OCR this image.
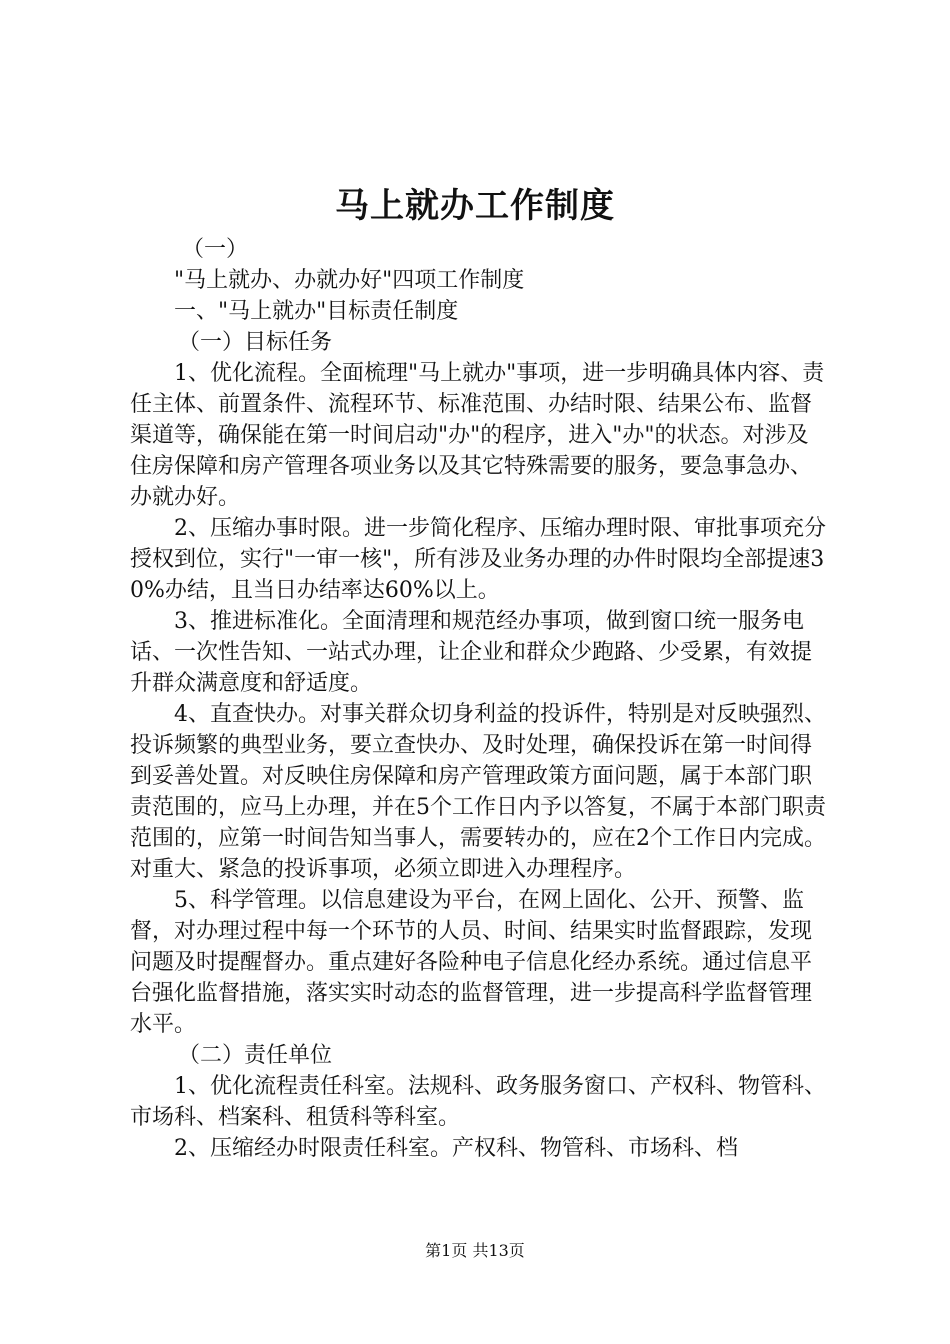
马上就办工作制度

（一）

"马上就办、办就办好"四项工作制度

一、"马上就办"目标责任制度

（一）目标任务

1、优化流程。全面梳理"马上就办"事项，进一步明确具体内容、责任主体、前置条件、流程环节、标准范围、办结时限、结果公布、监督渠道等，确保能在第一时间启动"办"的程序，进入"办"的状态。对涉及住房保障和房产管理各项业务以及其它特殊需要的服务，要急事急办、办就办好。

2、压缩办事时限。进一步简化程序、压缩办理时限、审批事项充分授权到位，实行"一审一核"，所有涉及业务办理的办件时限均全部提速30%办结，且当日办结率达60%以上。

3、推进标准化。全面清理和规范经办事项，做到窗口统一服务电话、一次性告知、一站式办理，让企业和群众少跑路、少受累，有效提升群众满意度和舒适度。

4、直查快办。对事关群众切身利益的投诉件，特别是对反映强烈、投诉频繁的典型业务，要立查快办、及时处理，确保投诉在第一时间得到妥善处置。对反映住房保障和房产管理政策方面问题，属于本部门职责范围的，应马上办理，并在5个工作日内予以答复，不属于本部门职责范围的，应第一时间告知当事人，需要转办的，应在2个工作日内完成。对重大、紧急的投诉事项，必须立即进入办理程序。

5、科学管理。以信息建设为平台，在网上固化、公开、预警、监督，对办理过程中每一个环节的人员、时间、结果实时监督跟踪，发现问题及时提醒督办。重点建好各险种电子信息化经办系统。通过信息平台强化监督措施，落实实时动态的监督管理，进一步提高科学监督管理水平。

（二）责任单位

1、优化流程责任科室。法规科、政务服务窗口、产权科、物管科、市场科、档案科、租赁科等科室。

2、压缩经办时限责任科室。产权科、物管科、市场科、档

第1页 共13页
